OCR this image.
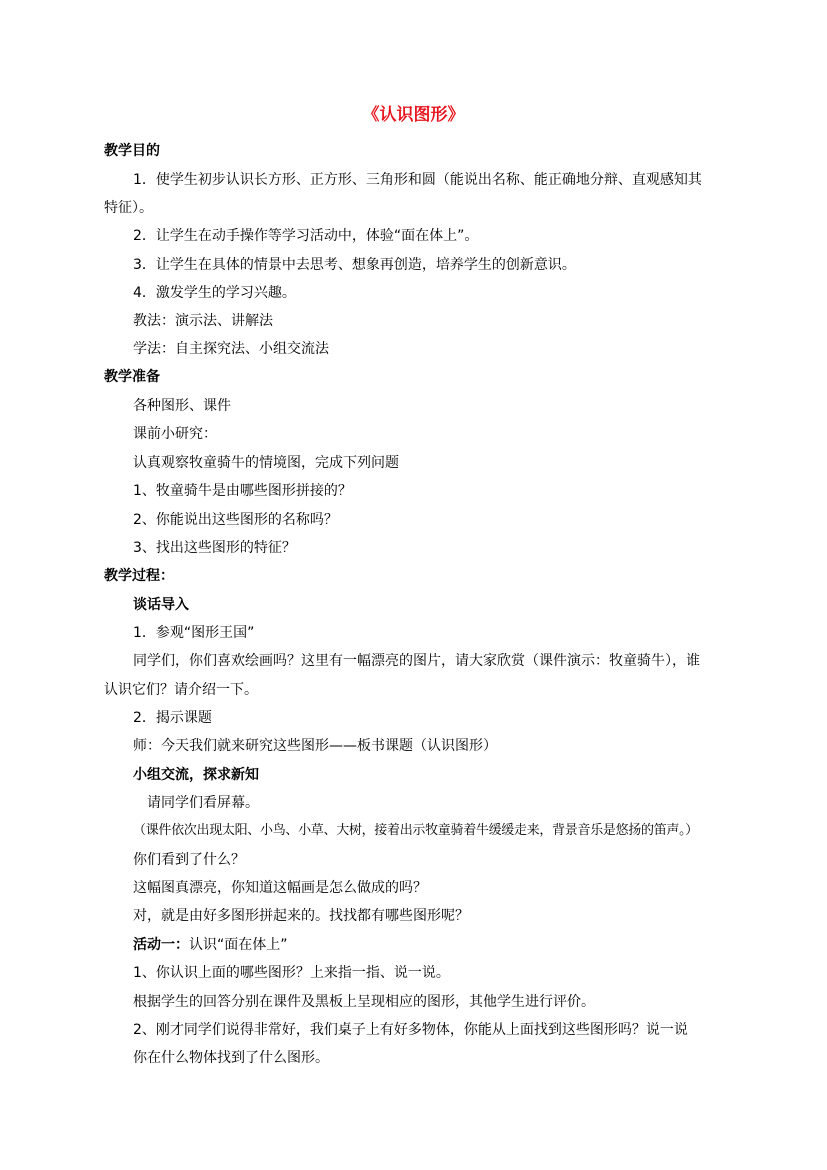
《认识图形》
教学目的
1．使学生初步认识长方形、正方形、三角形和圆（能说出名称、能正确地分辩、直观感知其
特征）。
2．让学生在动手操作等学习活动中，体验“面在体上”。
3．让学生在具体的情景中去思考、想象再创造，培养学生的创新意识。
4．激发学生的学习兴趣。
教法：演示法、讲解法
学法：自主探究法、小组交流法
教学准备
各种图形、课件
课前小研究：
认真观察牧童骑牛的情境图，完成下列问题
1、牧童骑牛是由哪些图形拼接的？
2、你能说出这些图形的名称吗？
3、找出这些图形的特征？
教学过程：
谈话导入
1．参观“图形王国”
同学们，你们喜欢绘画吗？这里有一幅漂亮的图片，请大家欣赏（课件演示：牧童骑牛），谁
认识它们？请介绍一下。
2．揭示课题
师：今天我们就来研究这些图形——板书课题（认识图形）
小组交流，探求新知
请同学们看屏幕。
（课件依次出现太阳、小鸟、小草、大树，接着出示牧童骑着牛缓缓走来，背景音乐是悠扬的笛声。）
你们看到了什么？
这幅图真漂亮，你知道这幅画是怎么做成的吗？
对，就是由好多图形拼起来的。找找都有哪些图形呢？
活动一：认识“面在体上”
1、你认识上面的哪些图形？上来指一指、说一说。
根据学生的回答分别在课件及黑板上呈现相应的图形，其他学生进行评价。
2、刚才同学们说得非常好，我们桌子上有好多物体，你能从上面找到这些图形吗？说一说
你在什么物体找到了什么图形。
